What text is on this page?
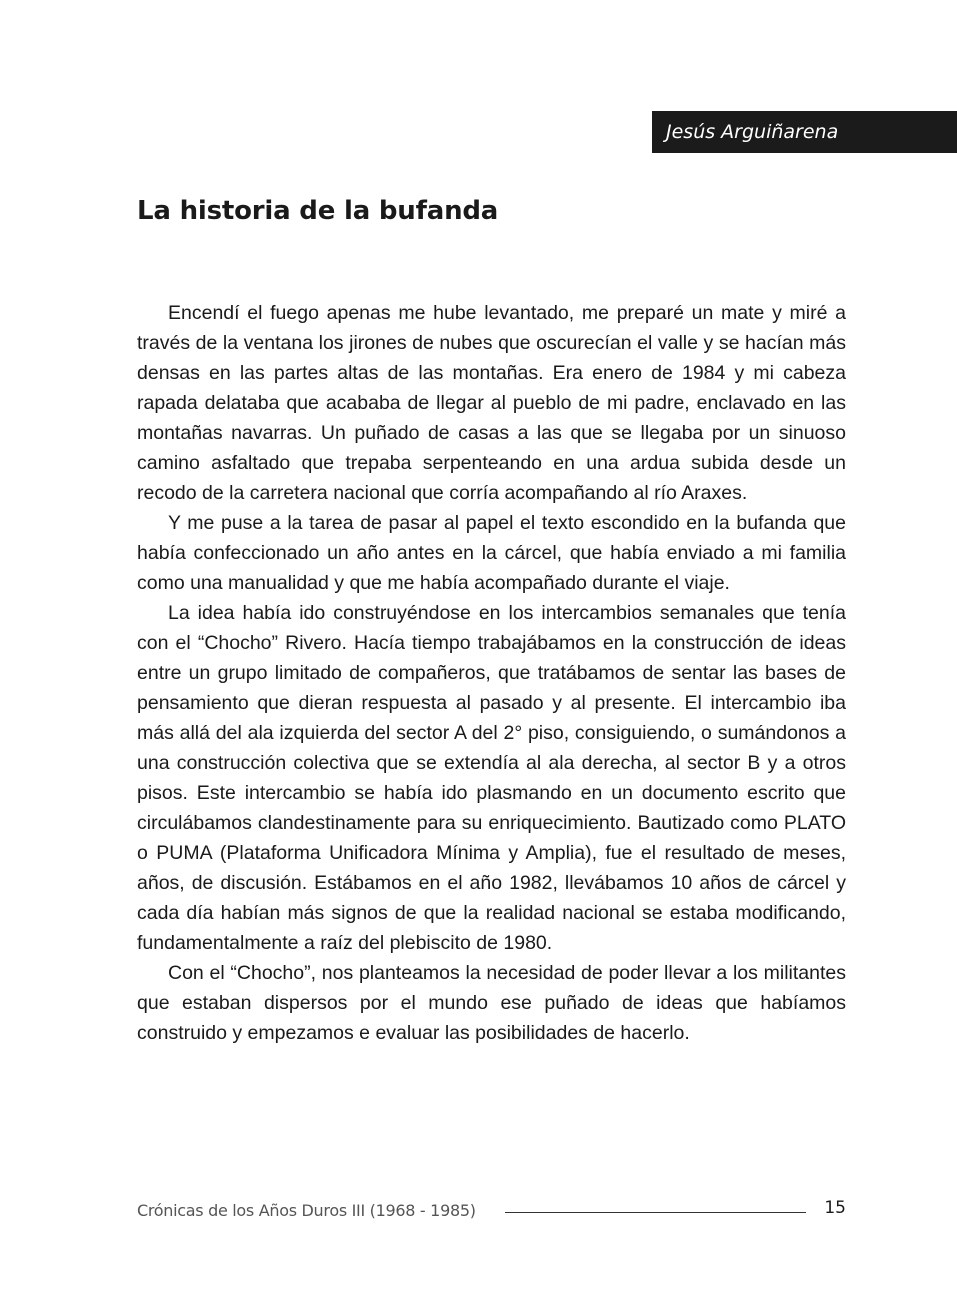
Jesús Arguiñarena
La historia de la bufanda

Encendí el fuego apenas me hube levantado, me preparé un mate y miré a través de la ventana los jirones de nubes que oscurecían el valle y se hacían más densas en las partes altas de las montañas. Era enero de 1984 y mi cabeza rapada delataba que acababa de llegar al pueblo de mi padre, enclavado en las montañas navarras. Un puñado de casas a las que se llegaba por un sinuoso camino asfaltado que trepaba serpenteando en una ardua subida desde un recodo de la carretera nacional que corría acompañando al río Araxes.

Y me puse a la tarea de pasar al papel el texto escondido en la bufanda que había confeccionado un año antes en la cárcel, que había enviado a mi familia como una manualidad y que me había acompañado durante el viaje.

La idea había ido construyéndose en los intercambios semanales que tenía con el “Chocho” Rivero. Hacía tiempo trabajábamos en la construcción de ideas entre un grupo limitado de compañeros, que tratábamos de sentar las bases de pensamiento que dieran respuesta al pasado y al presente. El intercambio iba más allá del ala izquierda del sector A del 2° piso, consiguiendo, o sumándonos a una construcción colectiva que se extendía al ala derecha, al sector B y a otros pisos. Este intercambio se había ido plasmando en un documento escrito que circulábamos clandestinamente para su enriquecimiento. Bautizado como PLATO o PUMA (Plataforma Unificadora Mínima y Amplia), fue el resultado de meses, años, de discusión. Estábamos en el año 1982, llevábamos 10 años de cárcel y cada día habían más signos de que la realidad nacional se estaba modificando, fundamentalmente a raíz del plebiscito de 1980.

Con el “Chocho”, nos planteamos la necesidad de poder llevar a los militantes que estaban dispersos por el mundo ese puñado de ideas que habíamos construido y empezamos e evaluar las posibilidades de hacerlo.

Crónicas de los Años Duros III (1968 - 1985)	15
